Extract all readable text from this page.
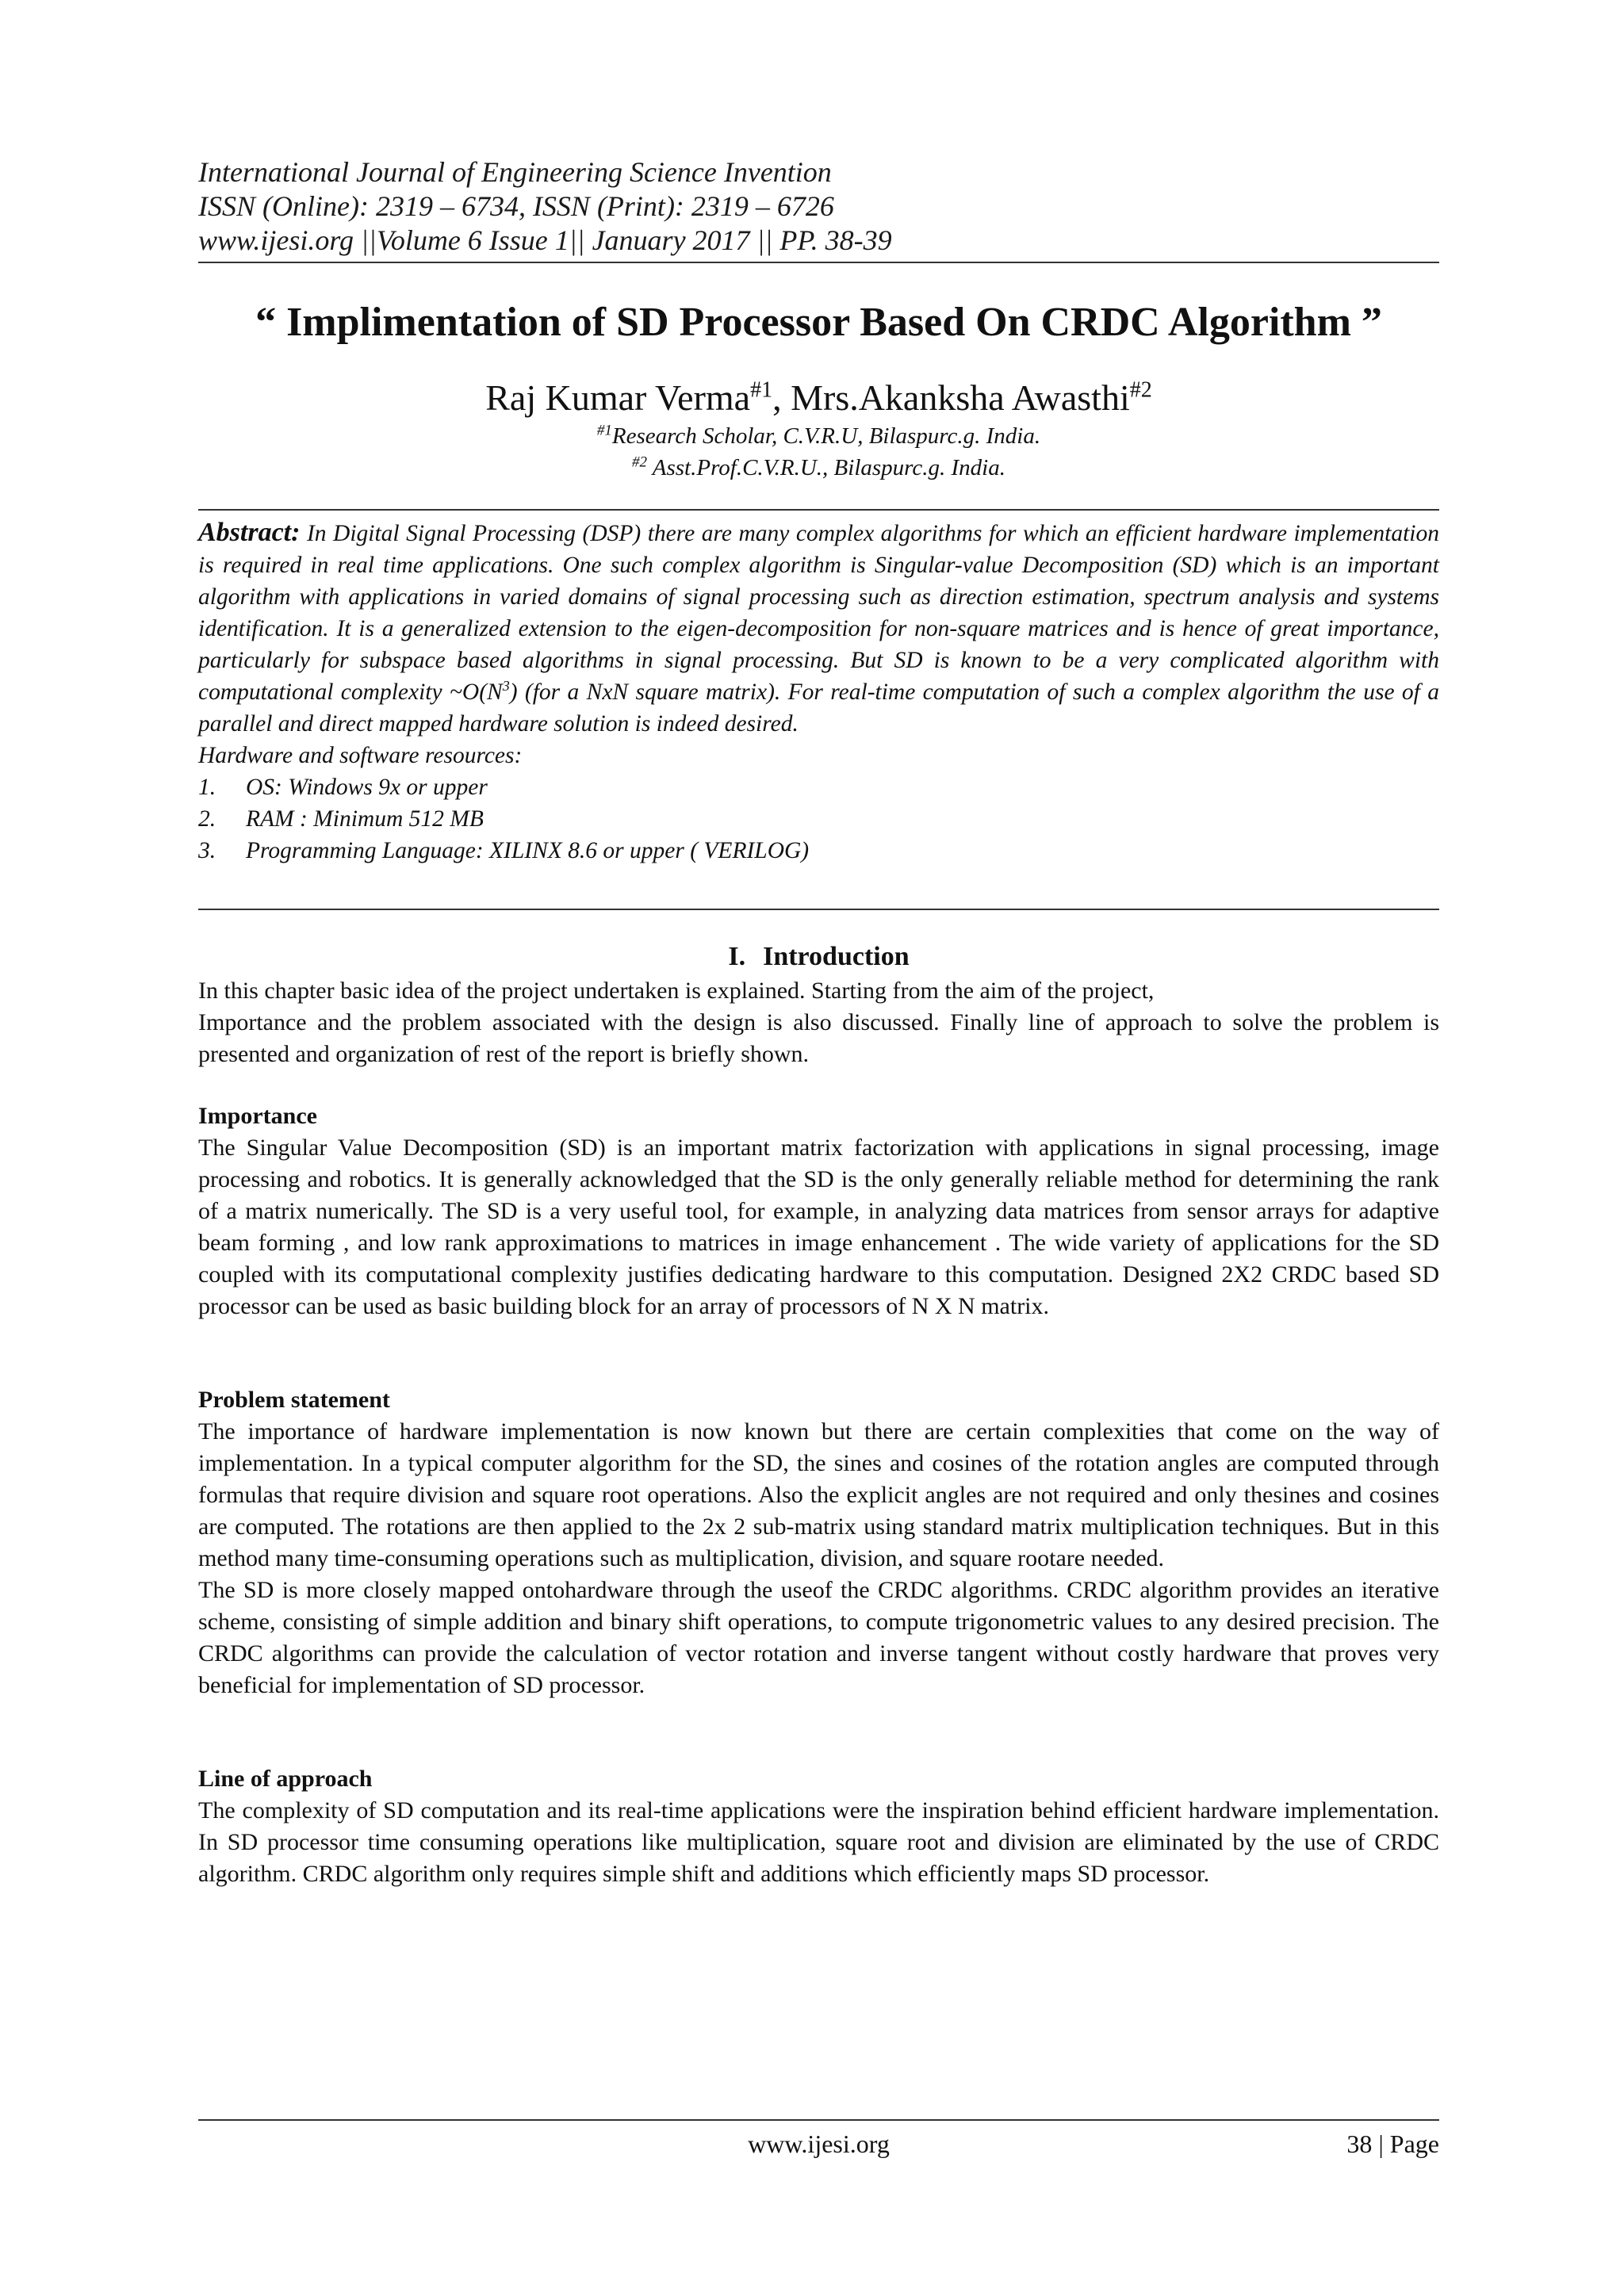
International Journal of Engineering Science Invention
ISSN (Online): 2319 – 6734, ISSN (Print): 2319 – 6726
www.ijesi.org ||Volume 6 Issue 1|| January 2017 || PP. 38-39
“ Implimentation of SD Processor Based On CRDC Algorithm ”
Raj Kumar Verma$^{\#1}$, Mrs.Akanksha Awasthi$^{\#2}$
$^{\#1}$Research Scholar, C.V.R.U, Bilaspurc.g. India.
$^{\#2}$ Asst.Prof.C.V.R.U., Bilaspurc.g. India.
Abstract: In Digital Signal Processing (DSP) there are many complex algorithms for which an efficient hardware implementation is required in real time applications. One such complex algorithm is Singular-value Decomposition (SD) which is an important algorithm with applications in varied domains of signal processing such as direction estimation, spectrum analysis and systems identification. It is a generalized extension to the eigen-decomposition for non-square matrices and is hence of great importance, particularly for subspace based algorithms in signal processing. But SD is known to be a very complicated algorithm with computational complexity $\sim O(N^3)$ (for a NxN square matrix). For real-time computation of such a complex algorithm the use of a parallel and direct mapped hardware solution is indeed desired.
Hardware and software resources:
1. OS: Windows 9x or upper
2. RAM : Minimum 512 MB
3. Programming Language: XILINX 8.6 or upper ( VERILOG)
I. Introduction

In this chapter basic idea of the project undertaken is explained. Starting from the aim of the project,

Importance and the problem associated with the design is also discussed. Finally line of approach to solve the problem is presented and organization of rest of the report is briefly shown.

Importance

The Singular Value Decomposition (SD) is an important matrix factorization with applications in signal processing, image processing and robotics. It is generally acknowledged that the SD is the only generally reliable method for determining the rank of a matrix numerically. The SD is a very useful tool, for example, in analyzing data matrices from sensor arrays for adaptive beam forming , and low rank approximations to matrices in image enhancement . The wide variety of applications for the SD coupled with its computational complexity justifies dedicating hardware to this computation. Designed 2X2 CRDC based SD processor can be used as basic building block for an array of processors of N X N matrix.

Problem statement

The importance of hardware implementation is now known but there are certain complexities that come on the way of implementation. In a typical computer algorithm for the SD, the sines and cosines of the rotation angles are computed through formulas that require division and square root operations. Also the explicit angles are not required and only thesines and cosines are computed. The rotations are then applied to the 2x 2 sub-matrix using standard matrix multiplication techniques. But in this method many time-consuming operations such as multiplication, division, and square rootare needed.

The SD is more closely mapped ontohardware through the useof the CRDC algorithms. CRDC algorithm provides an iterative scheme, consisting of simple addition and binary shift operations, to compute trigonometric values to any desired precision. The CRDC algorithms can provide the calculation of vector rotation and inverse tangent without costly hardware that proves very beneficial for implementation of SD processor.

Line of approach

The complexity of SD computation and its real-time applications were the inspiration behind efficient hardware implementation. In SD processor time consuming operations like multiplication, square root and division are eliminated by the use of CRDC algorithm. CRDC algorithm only requires simple shift and additions which efficiently maps SD processor.

www.ijesi.org	38 | Page
